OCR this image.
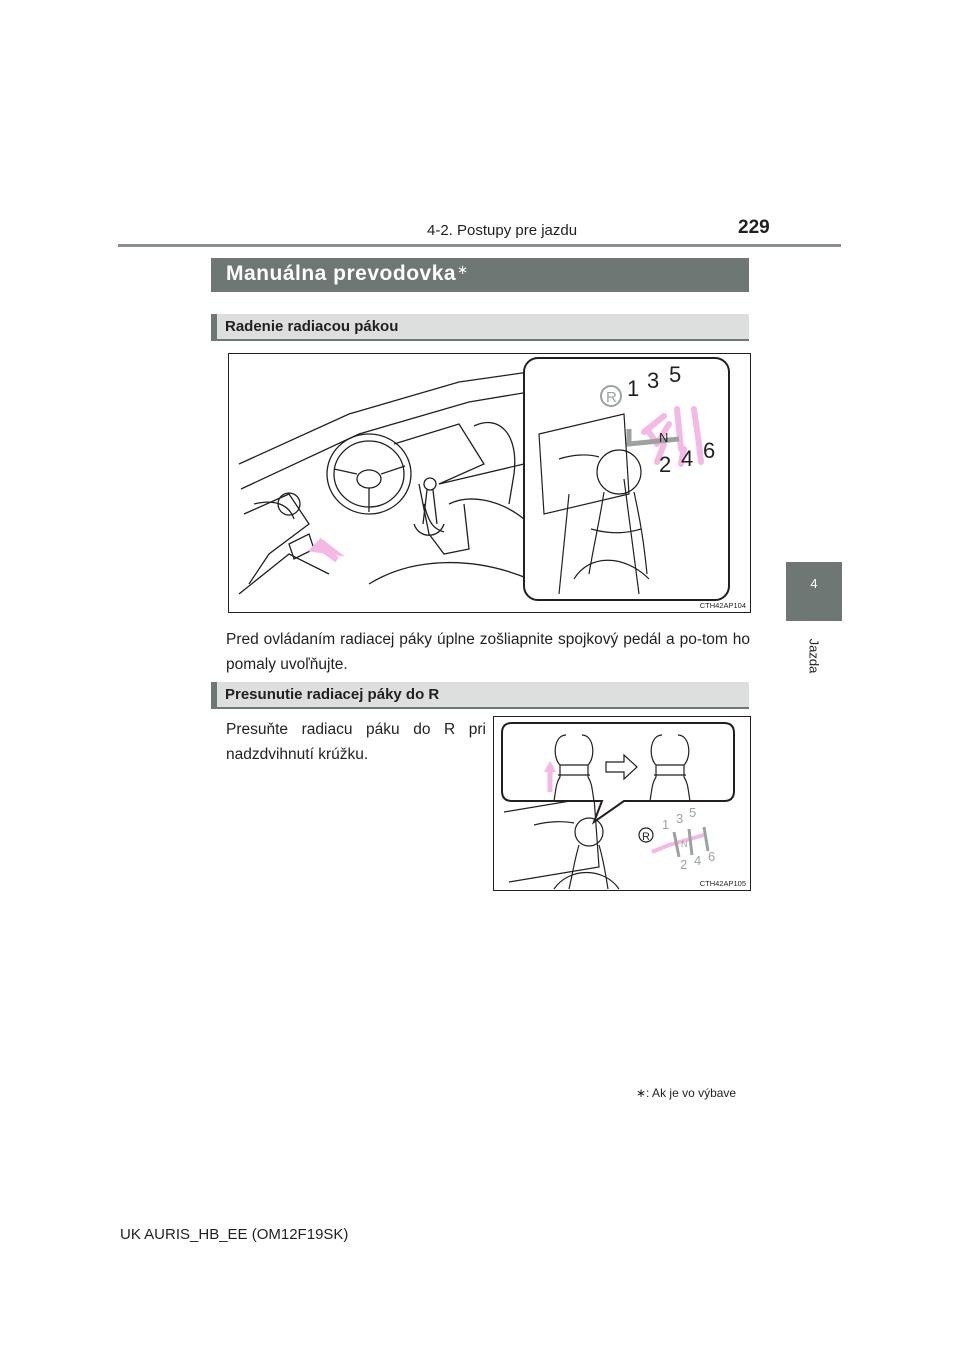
4-2. Postupy pre jazdu	229
4
Jazda
Manuálna prevodovka∗
Radenie radiacou pákou
R 1 3 5
N
2 4 6
CTH42AP104
Pred ovládaním radiacej páky úplne zošliapnite spojkový pedál a po-tom ho pomaly uvoľňujte.
Presunutie radiacej páky do R
Presuňte radiacu páku do R pri
nadzdvihnutí krúžku.
R
1 3 5
N
2 4 6
CTH42AP105
∗: Ak je vo výbave
UK AURIS_HB_EE (OM12F19SK)
